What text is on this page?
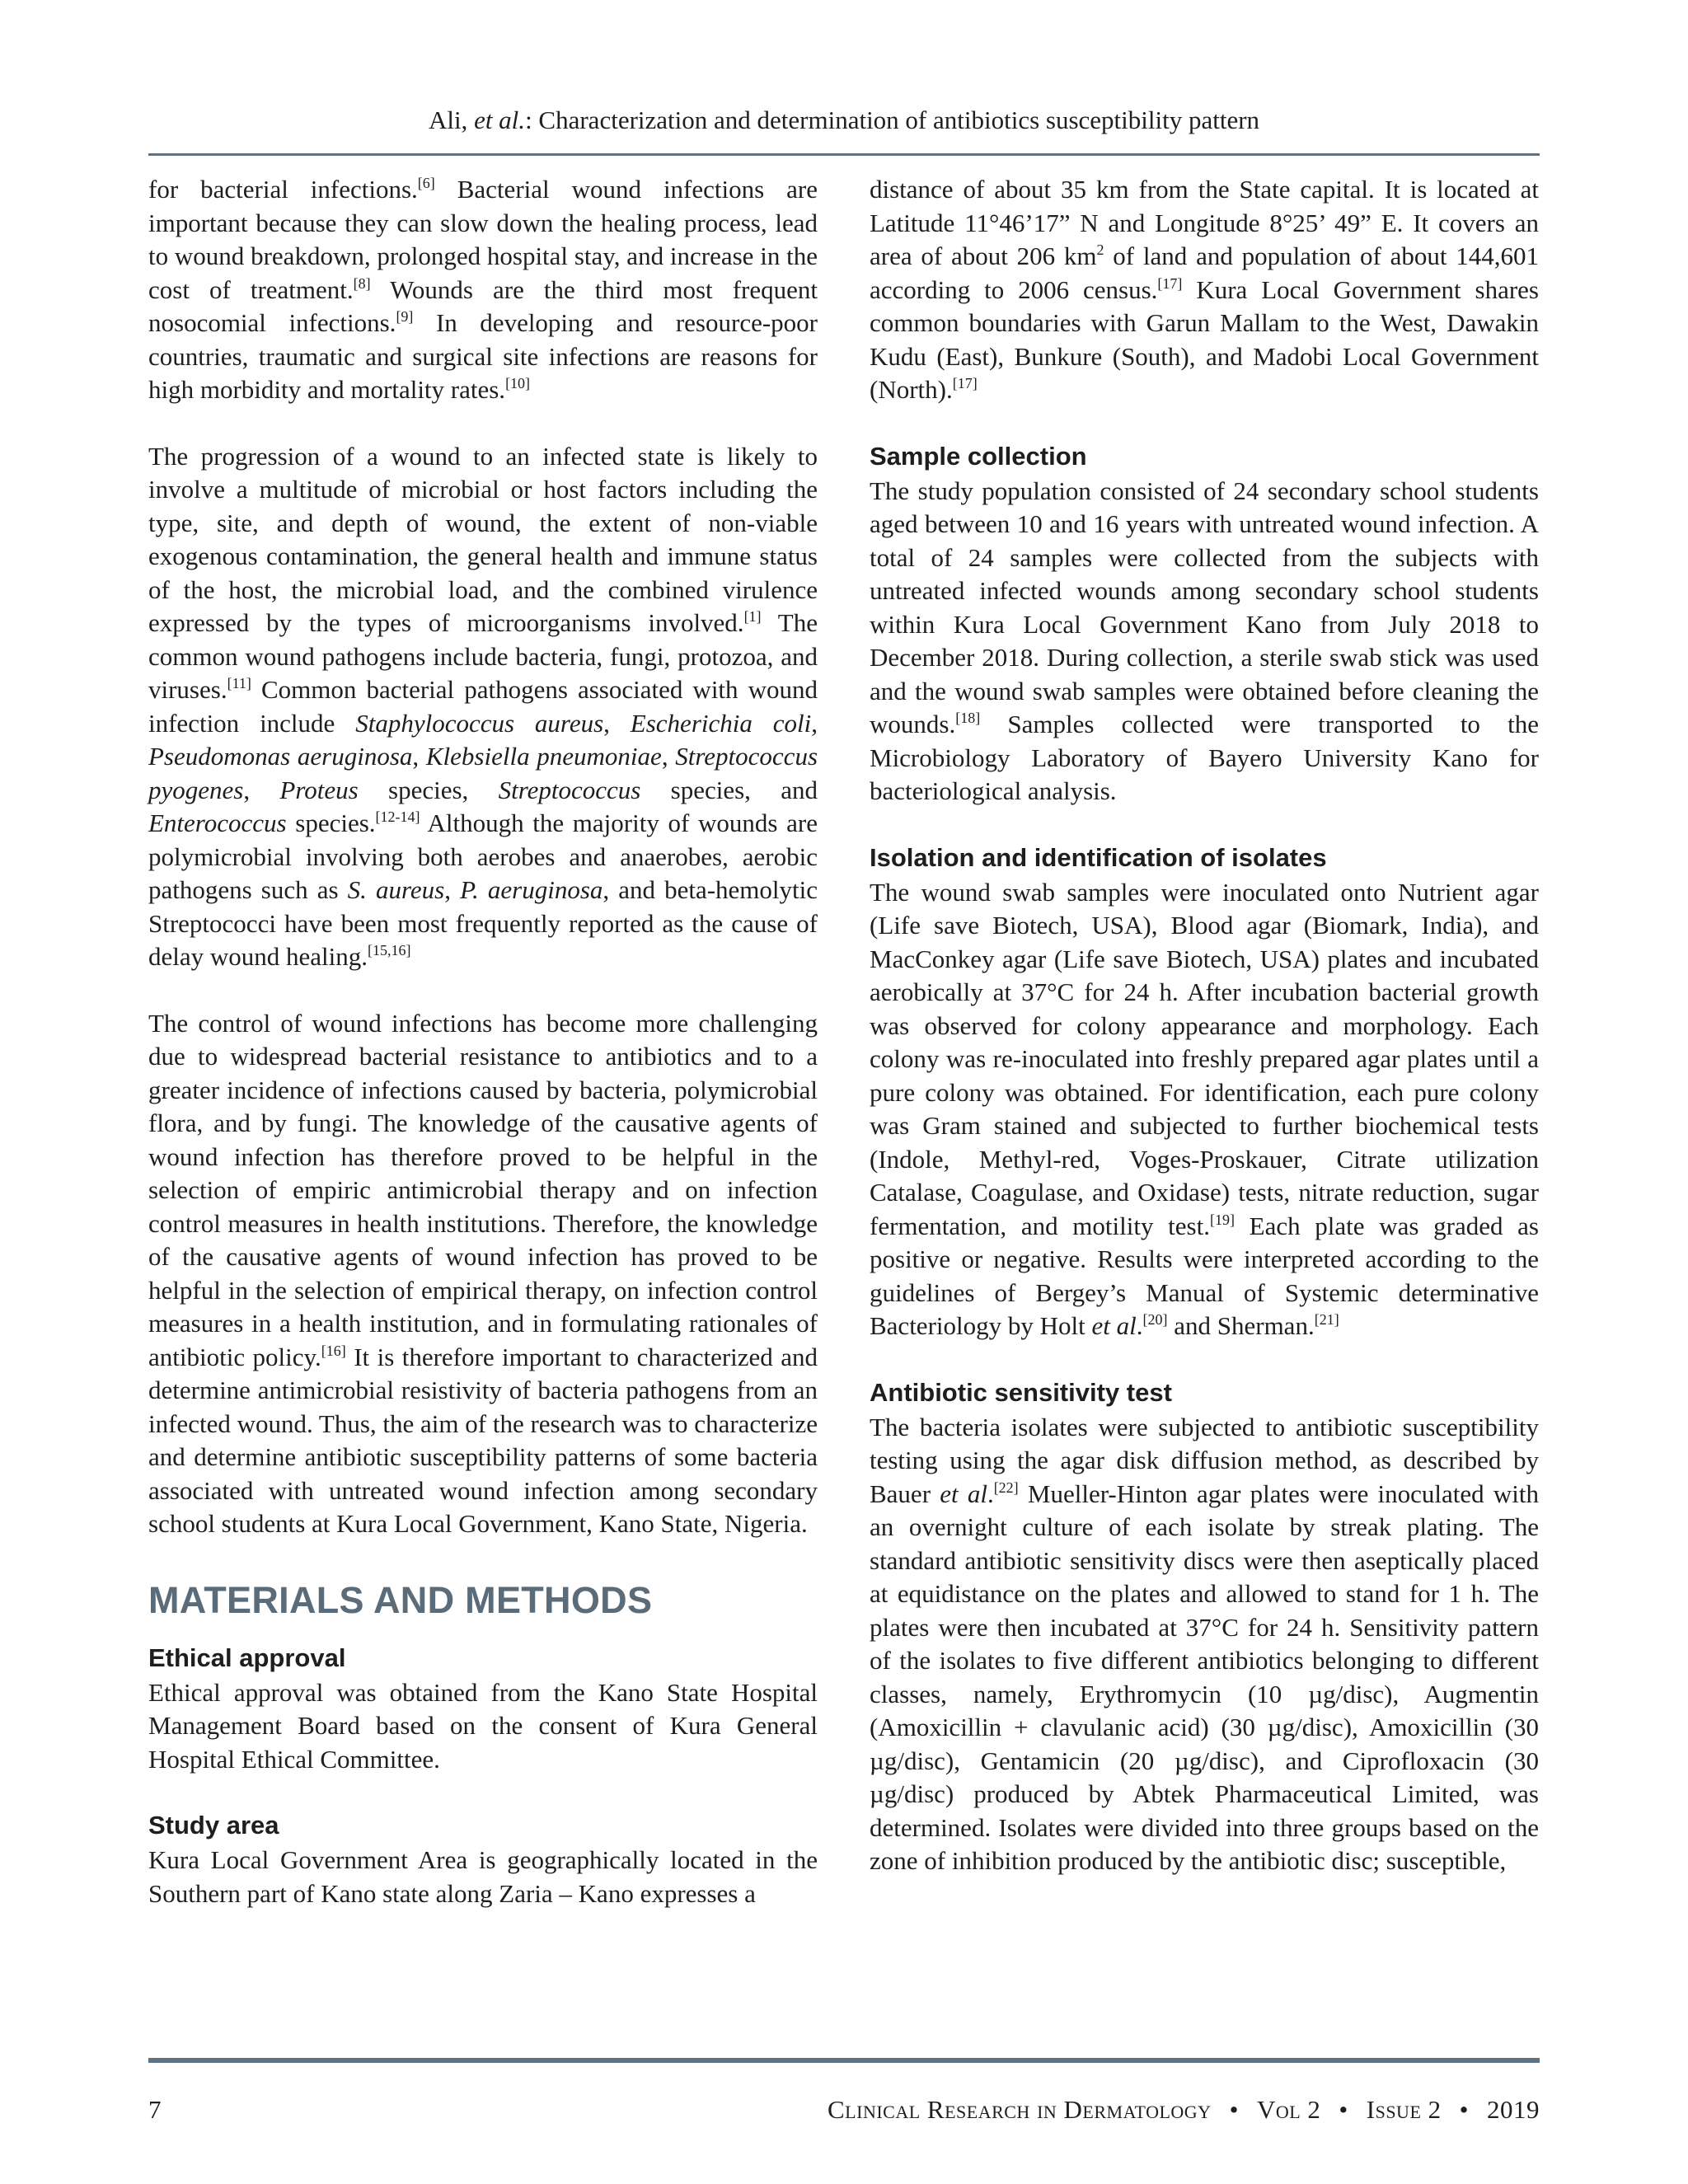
Ali, et al.: Characterization and determination of antibiotics susceptibility pattern

for bacterial infections.[6] Bacterial wound infections are important because they can slow down the healing process, lead to wound breakdown, prolonged hospital stay, and increase in the cost of treatment.[8] Wounds are the third most frequent nosocomial infections.[9] In developing and resource-poor countries, traumatic and surgical site infections are reasons for high morbidity and mortality rates.[10]

The progression of a wound to an infected state is likely to involve a multitude of microbial or host factors including the type, site, and depth of wound, the extent of non-viable exogenous contamination, the general health and immune status of the host, the microbial load, and the combined virulence expressed by the types of microorganisms involved.[1] The common wound pathogens include bacteria, fungi, protozoa, and viruses.[11] Common bacterial pathogens associated with wound infection include Staphylococcus aureus, Escherichia coli, Pseudomonas aeruginosa, Klebsiella pneumoniae, Streptococcus pyogenes, Proteus species, Streptococcus species, and Enterococcus species.[12-14] Although the majority of wounds are polymicrobial involving both aerobes and anaerobes, aerobic pathogens such as S. aureus, P. aeruginosa, and beta-hemolytic Streptococci have been most frequently reported as the cause of delay wound healing.[15,16]

The control of wound infections has become more challenging due to widespread bacterial resistance to antibiotics and to a greater incidence of infections caused by bacteria, polymicrobial flora, and by fungi. The knowledge of the causative agents of wound infection has therefore proved to be helpful in the selection of empiric antimicrobial therapy and on infection control measures in health institutions. Therefore, the knowledge of the causative agents of wound infection has proved to be helpful in the selection of empirical therapy, on infection control measures in a health institution, and in formulating rationales of antibiotic policy.[16] It is therefore important to characterized and determine antimicrobial resistivity of bacteria pathogens from an infected wound. Thus, the aim of the research was to characterize and determine antibiotic susceptibility patterns of some bacteria associated with untreated wound infection among secondary school students at Kura Local Government, Kano State, Nigeria.

MATERIALS AND METHODS
Ethical approval

Ethical approval was obtained from the Kano State Hospital Management Board based on the consent of Kura General Hospital Ethical Committee.

Study area

Kura Local Government Area is geographically located in the Southern part of Kano state along Zaria – Kano expresses a

distance of about 35 km from the State capital. It is located at Latitude 11°46’17” N and Longitude 8°25’ 49” E. It covers an area of about 206 $km^2$ of land and population of about 144,601 according to 2006 census.[17] Kura Local Government shares common boundaries with Garun Mallam to the West, Dawakin Kudu (East), Bunkure (South), and Madobi Local Government (North).[17]

Sample collection

The study population consisted of 24 secondary school students aged between 10 and 16 years with untreated wound infection. A total of 24 samples were collected from the subjects with untreated infected wounds among secondary school students within Kura Local Government Kano from July 2018 to December 2018. During collection, a sterile swab stick was used and the wound swab samples were obtained before cleaning the wounds.[18] Samples collected were transported to the Microbiology Laboratory of Bayero University Kano for bacteriological analysis.

Isolation and identification of isolates

The wound swab samples were inoculated onto Nutrient agar (Life save Biotech, USA), Blood agar (Biomark, India), and MacConkey agar (Life save Biotech, USA) plates and incubated aerobically at 37°C for 24 h. After incubation bacterial growth was observed for colony appearance and morphology. Each colony was re-inoculated into freshly prepared agar plates until a pure colony was obtained. For identification, each pure colony was Gram stained and subjected to further biochemical tests (Indole, Methyl-red, Voges-Proskauer, Citrate utilization Catalase, Coagulase, and Oxidase) tests, nitrate reduction, sugar fermentation, and motility test.[19] Each plate was graded as positive or negative. Results were interpreted according to the guidelines of Bergey’s Manual of Systemic determinative Bacteriology by Holt et al.[20] and Sherman.[21]

Antibiotic sensitivity test

The bacteria isolates were subjected to antibiotic susceptibility testing using the agar disk diffusion method, as described by Bauer et al.[22] Mueller-Hinton agar plates were inoculated with an overnight culture of each isolate by streak plating. The standard antibiotic sensitivity discs were then aseptically placed at equidistance on the plates and allowed to stand for 1 h. The plates were then incubated at 37°C for 24 h. Sensitivity pattern of the isolates to five different antibiotics belonging to different classes, namely, Erythromycin (10 µg/disc), Augmentin (Amoxicillin + clavulanic acid) (30 µg/disc), Amoxicillin (30 µg/disc), Gentamicin (20 µg/disc), and Ciprofloxacin (30 µg/disc) produced by Abtek Pharmaceutical Limited, was determined. Isolates were divided into three groups based on the zone of inhibition produced by the antibiotic disc; susceptible,

7	Clinical Research in Dermatology • Vol 2 • Issue 2 • 2019
